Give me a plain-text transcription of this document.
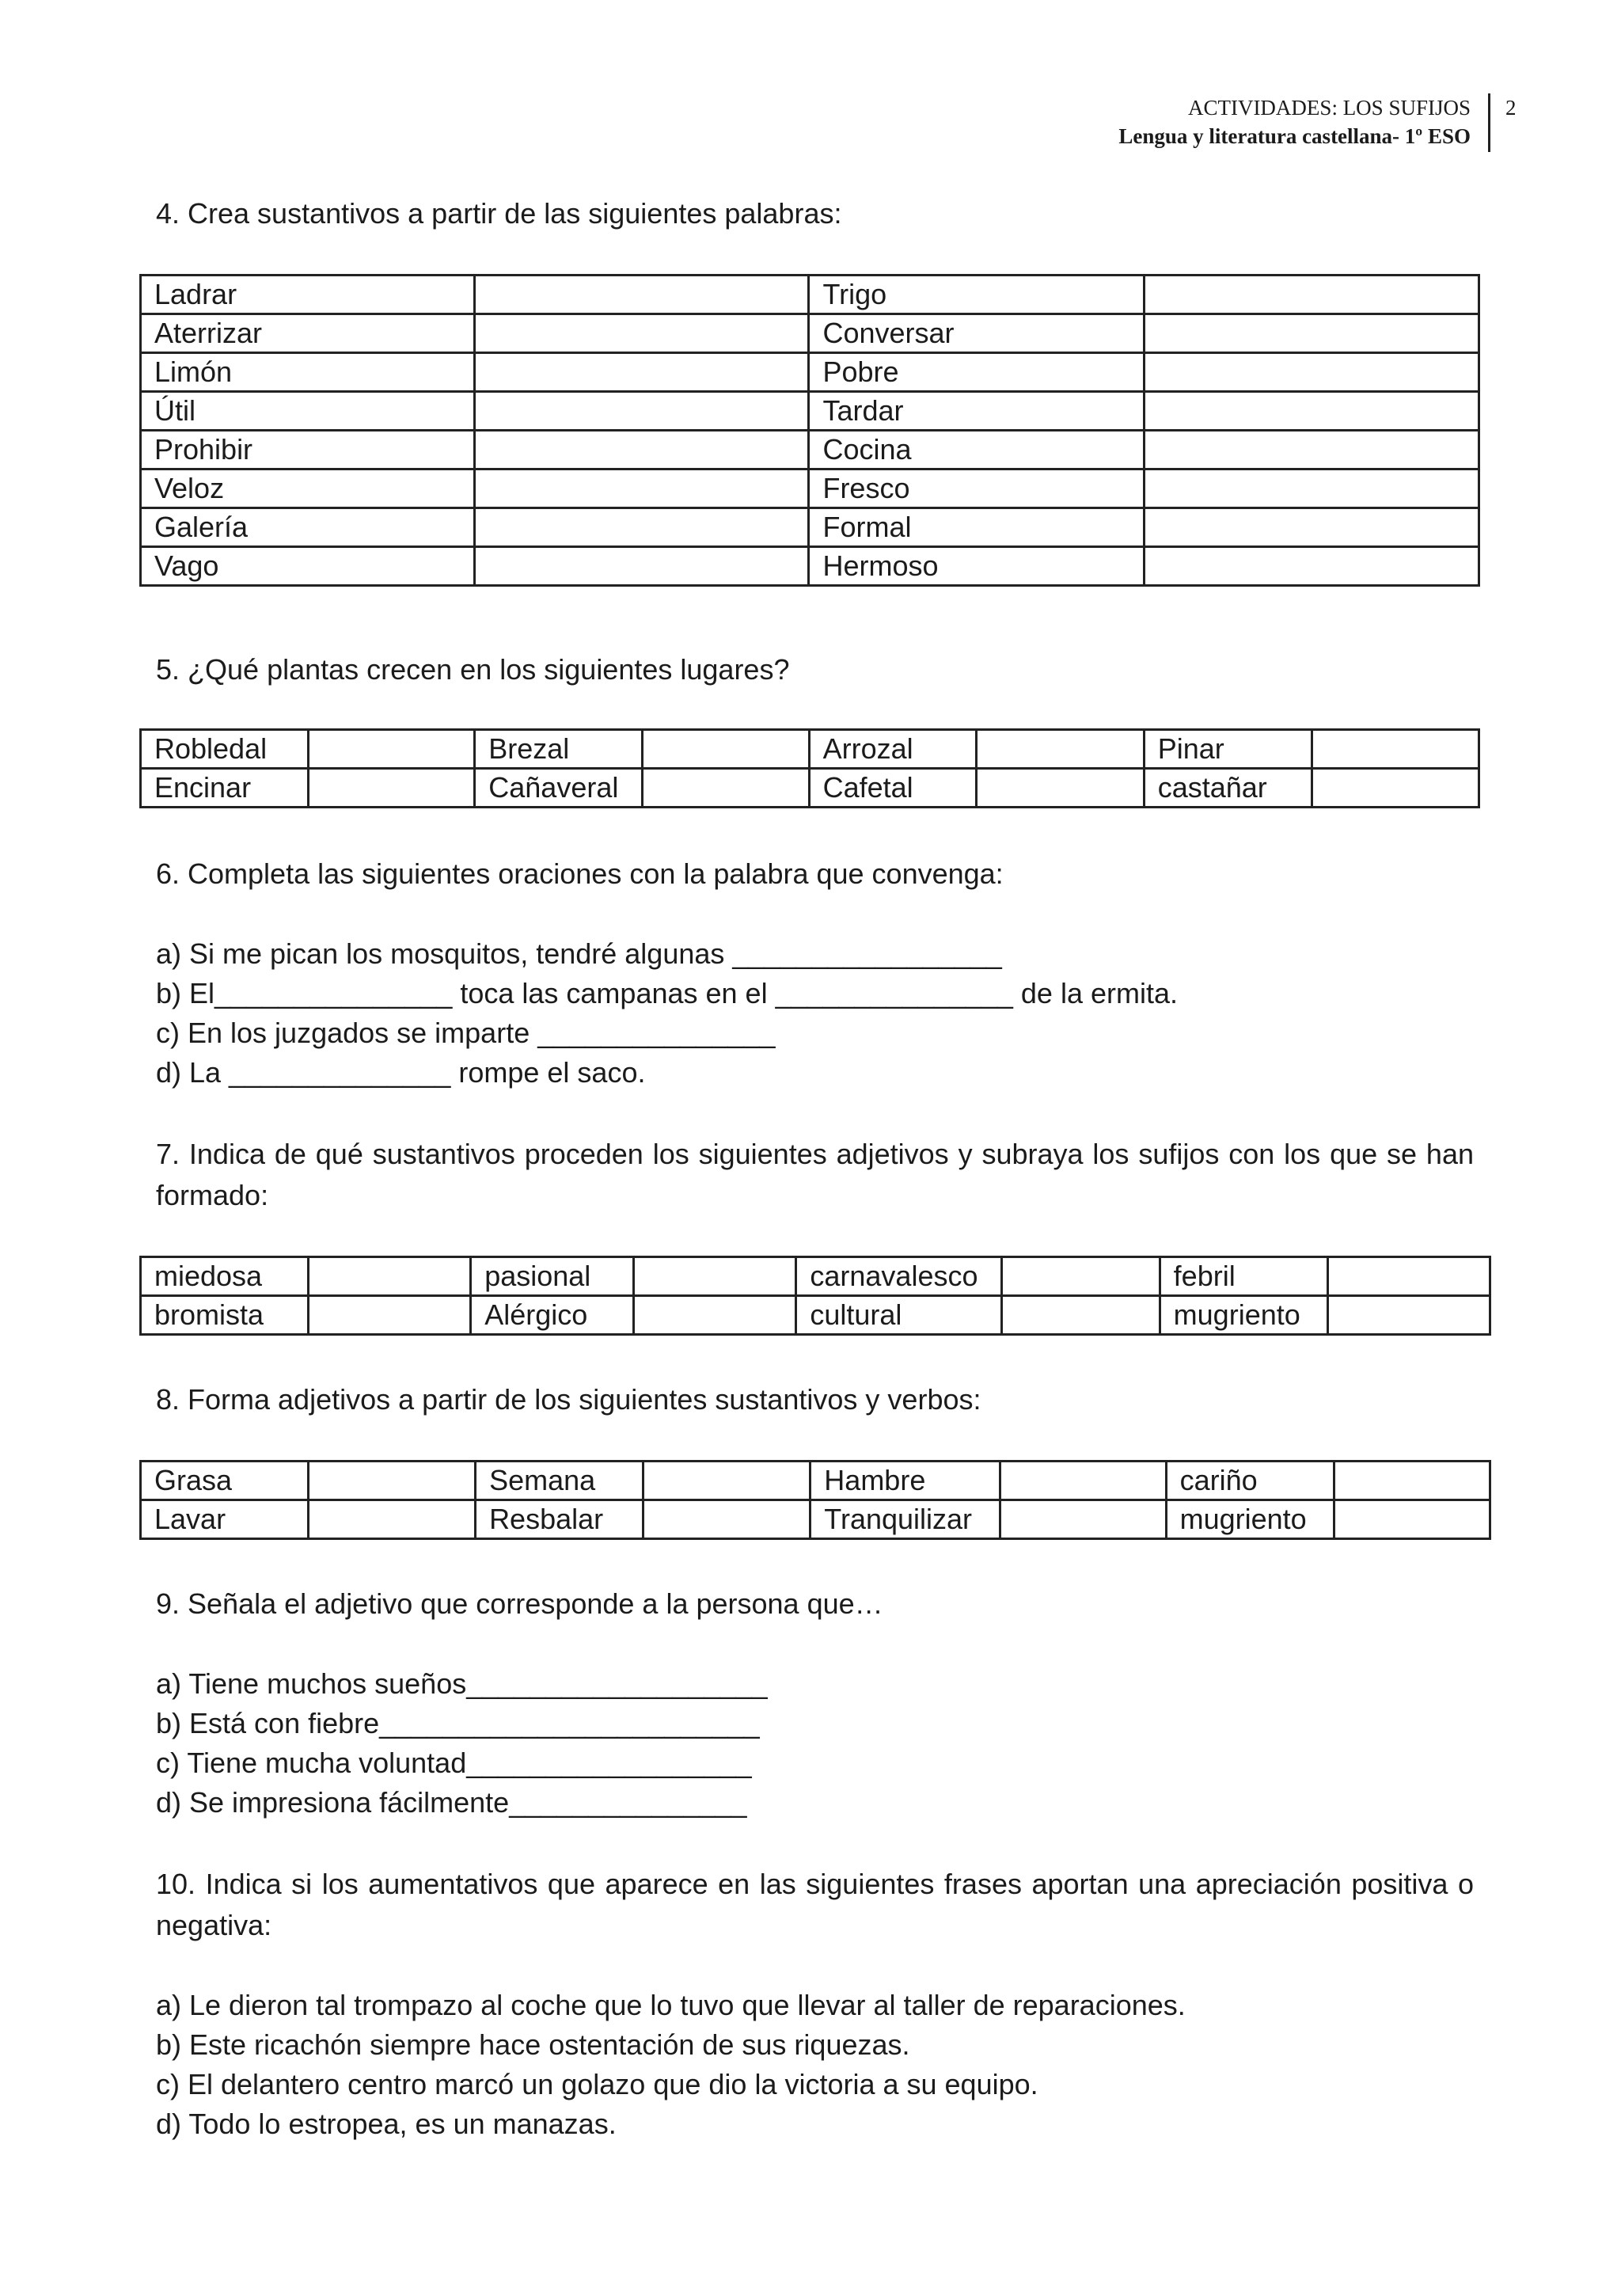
ACTIVIDADES: LOS SUFIJOS
Lengua y literatura castellana- 1º ESO
2
4. Crea sustantivos a partir de las siguientes palabras:
Ladrar		Trigo	
Aterrizar		Conversar	
Limón		Pobre	
Útil		Tardar	
Prohibir		Cocina	
Veloz		Fresco	
Galería		Formal	
Vago		Hermoso	
5. ¿Qué plantas crecen en los siguientes lugares?
Robledal		Brezal		Arrozal		Pinar	
Encinar		Cañaveral		Cafetal		castañar	
6. Completa las siguientes oraciones con la palabra que convenga:
a) Si me pican los mosquitos, tendré algunas _________________
b) El_______________ toca las campanas en el _______________ de la ermita.
c) En los juzgados se imparte _______________
d) La ______________ rompe el saco.
7. Indica de qué sustantivos proceden los siguientes adjetivos y subraya los sufijos con los que se han formado:
miedosa		pasional		carnavalesco		febril	
bromista		Alérgico		cultural		mugriento	
8. Forma adjetivos a partir de los siguientes sustantivos y verbos:
Grasa		Semana		Hambre		cariño	
Lavar		Resbalar		Tranquilizar		mugriento	
9. Señala el adjetivo que corresponde a la persona que…
a) Tiene muchos sueños___________________
b) Está con fiebre________________________
c) Tiene mucha voluntad__________________
d) Se impresiona fácilmente_______________
10. Indica si los aumentativos que aparece en las siguientes frases aportan una apreciación positiva o negativa:
a) Le dieron tal trompazo al coche que lo tuvo que llevar al taller de reparaciones.
b) Este ricachón siempre hace ostentación de sus riquezas.
c) El delantero centro marcó un golazo que dio la victoria a su equipo.
d) Todo lo estropea, es un manazas.
